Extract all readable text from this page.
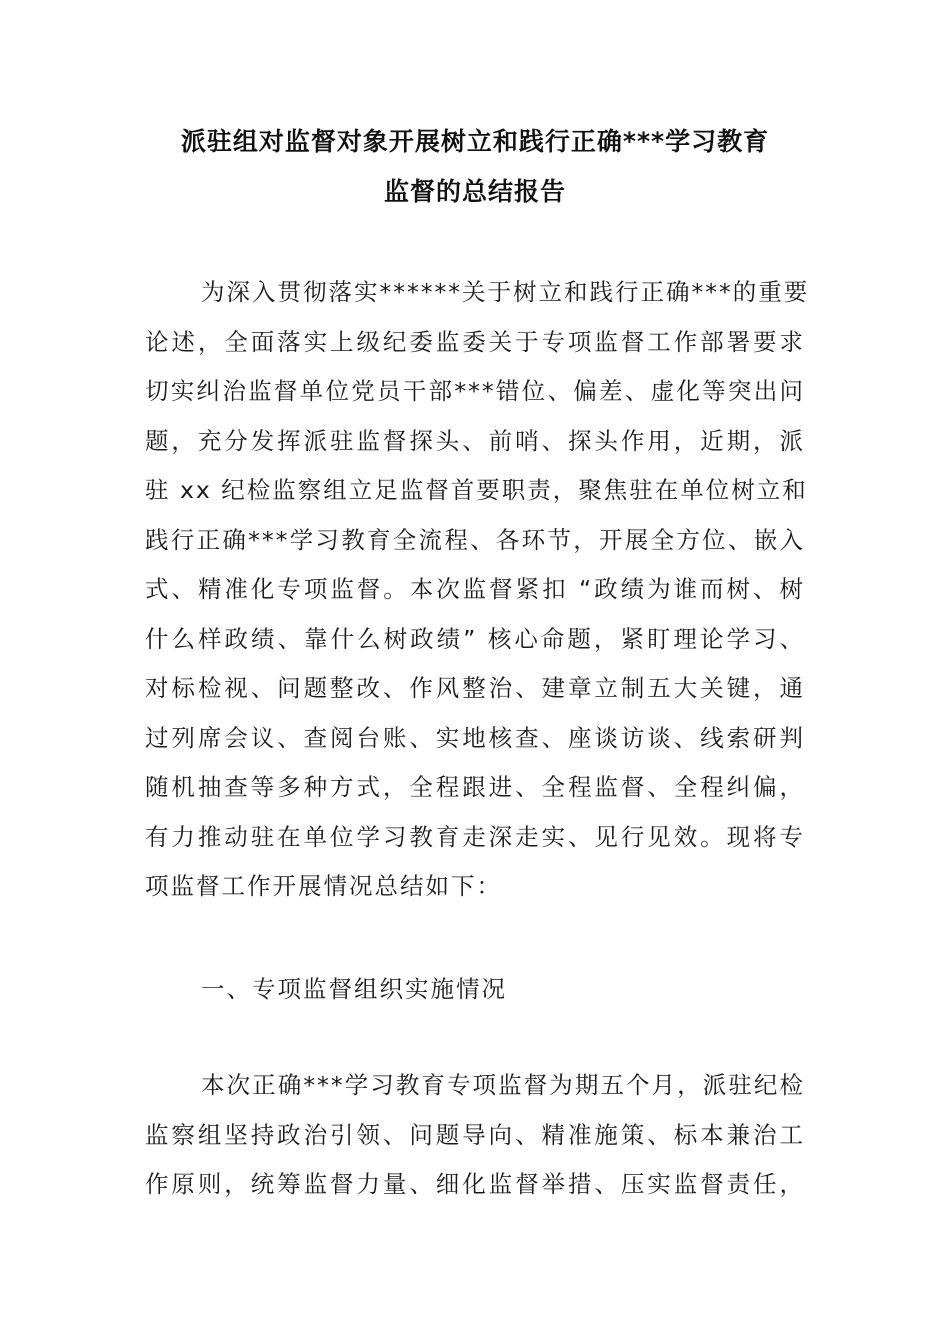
派驻组对监督对象开展树立和践行正确***学习教育
监督的总结报告
为深入贯彻落实******关于树立和践行正确***的重要
论述，全面落实上级纪委监委关于专项监督工作部署要求
切实纠治监督单位党员干部***错位、偏差、虚化等突出问
题，充分发挥派驻监督探头、前哨、探头作用，近期，派
驻 xx 纪检监察组立足监督首要职责，聚焦驻在单位树立和
践行正确***学习教育全流程、各环节，开展全方位、嵌入
式、精准化专项监督。本次监督紧扣 “政绩为谁而树、树
什么样政绩、靠什么树政绩” 核心命题，紧盯理论学习、
对标检视、问题整改、作风整治、建章立制五大关键，通
过列席会议、查阅台账、实地核查、座谈访谈、线索研判
随机抽查等多种方式，全程跟进、全程监督、全程纠偏，
有力推动驻在单位学习教育走深走实、见行见效。现将专
项监督工作开展情况总结如下：
一、专项监督组织实施情况
本次正确***学习教育专项监督为期五个月，派驻纪检
监察组坚持政治引领、问题导向、精准施策、标本兼治工
作原则，统筹监督力量、细化监督举措、压实监督责任，
